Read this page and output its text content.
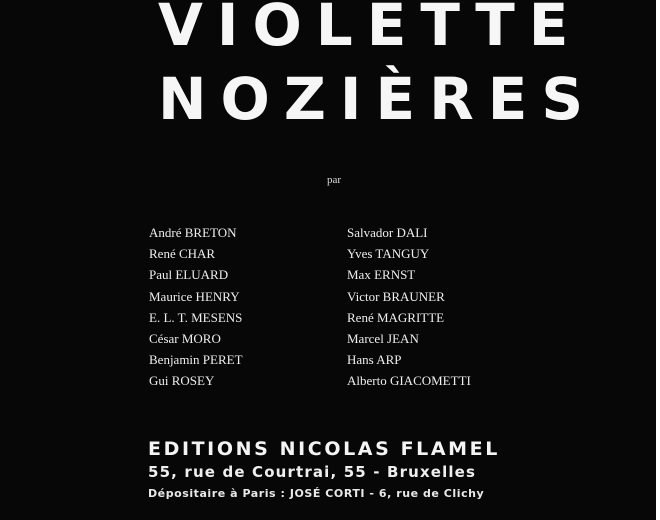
VIOLETTE
NOZIÈRES
par
André BRETON
René CHAR
Paul ELUARD
Maurice HENRY
E. L. T. MESENS
César MORO
Benjamin PERET
Gui ROSEY
Salvador DALI
Yves TANGUY
Max ERNST
Victor BRAUNER
René MAGRITTE
Marcel JEAN
Hans ARP
Alberto GIACOMETTI
EDITIONS NICOLAS FLAMEL
55, rue de Courtrai, 55 - Bruxelles
Dépositaire à Paris : JOSÉ CORTI - 6, rue de Clichy
